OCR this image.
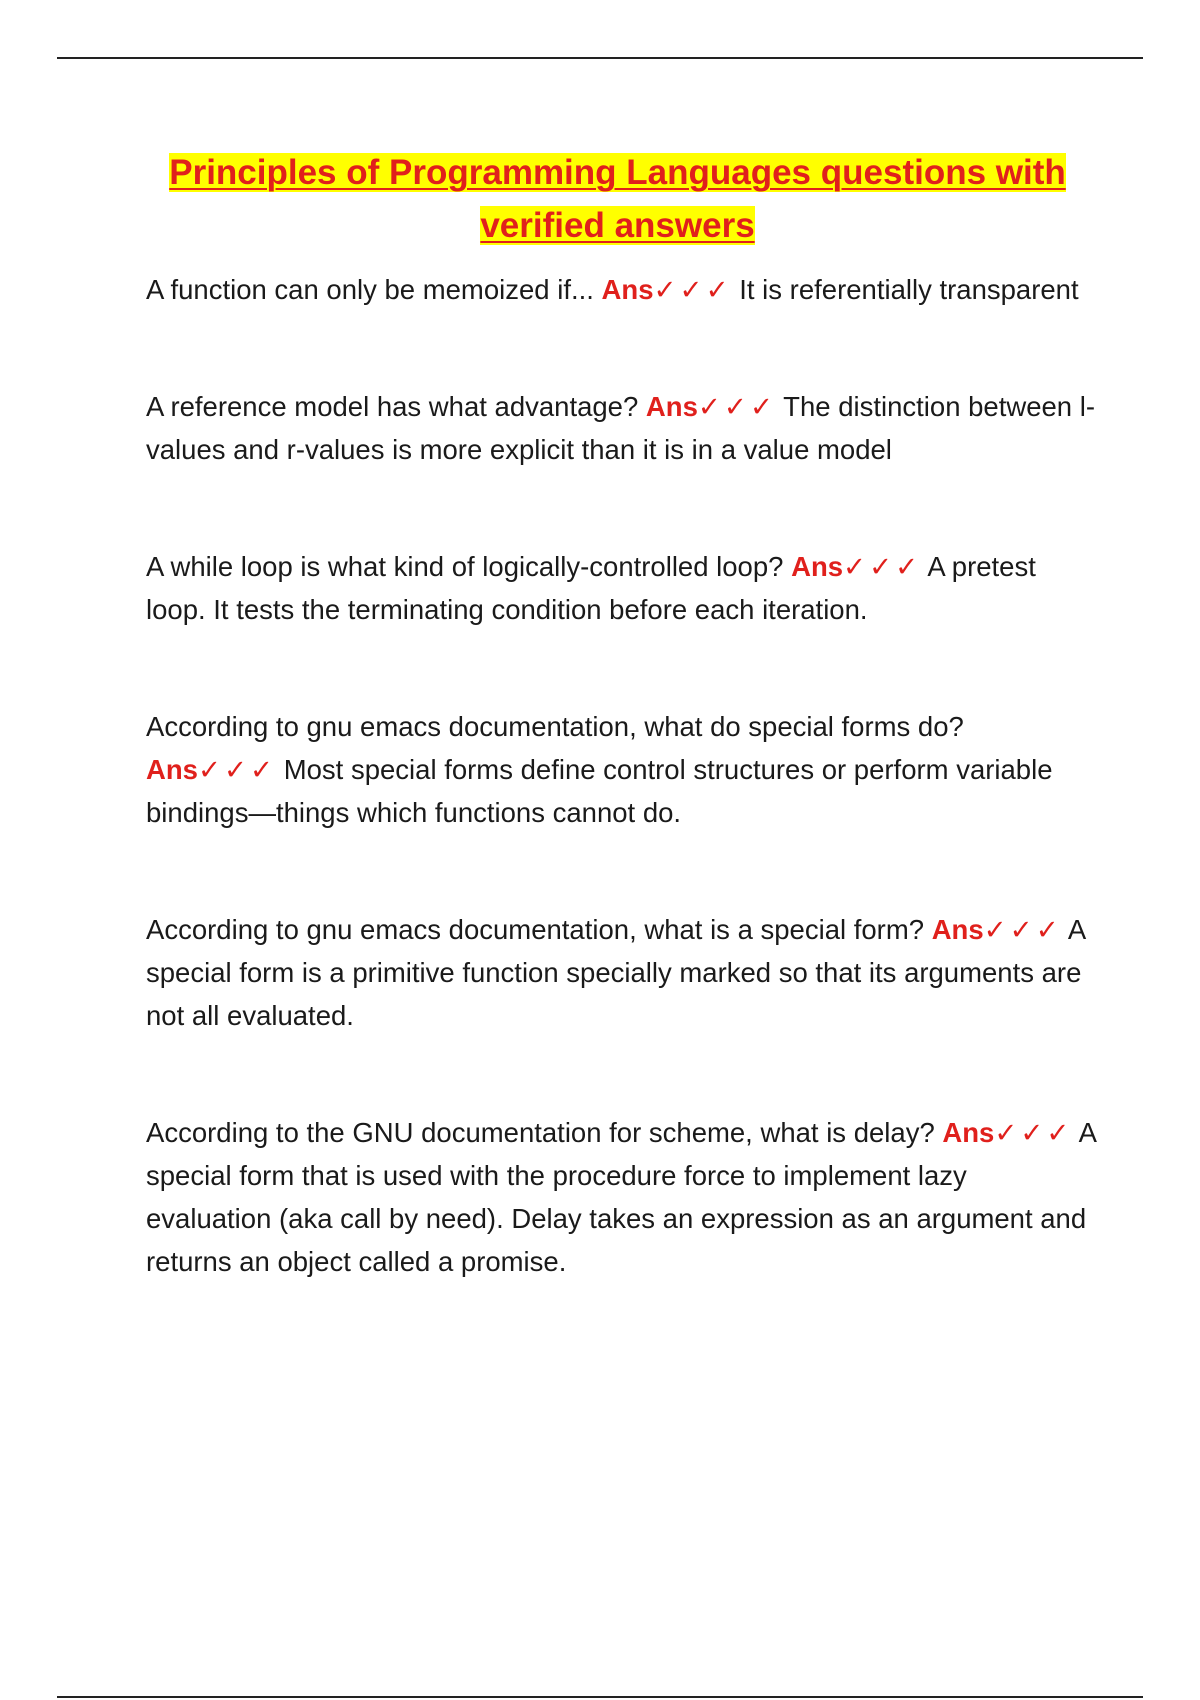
Principles of Programming Languages questions with verified answers
A function can only be memoized if... Ans✓✓✓ It is referentially transparent
A reference model has what advantage? Ans✓✓✓ The distinction between l-values and r-values is more explicit than it is in a value model
A while loop is what kind of logically-controlled loop? Ans✓✓✓ A pretest loop. It tests the terminating condition before each iteration.
According to gnu emacs documentation, what do special forms do? Ans✓✓✓ Most special forms define control structures or perform variable bindings—things which functions cannot do.
According to gnu emacs documentation, what is a special form? Ans✓✓✓ A special form is a primitive function specially marked so that its arguments are not all evaluated.
According to the GNU documentation for scheme, what is delay? Ans✓✓✓ A special form that is used with the procedure force to implement lazy evaluation (aka call by need). Delay takes an expression as an argument and returns an object called a promise.
